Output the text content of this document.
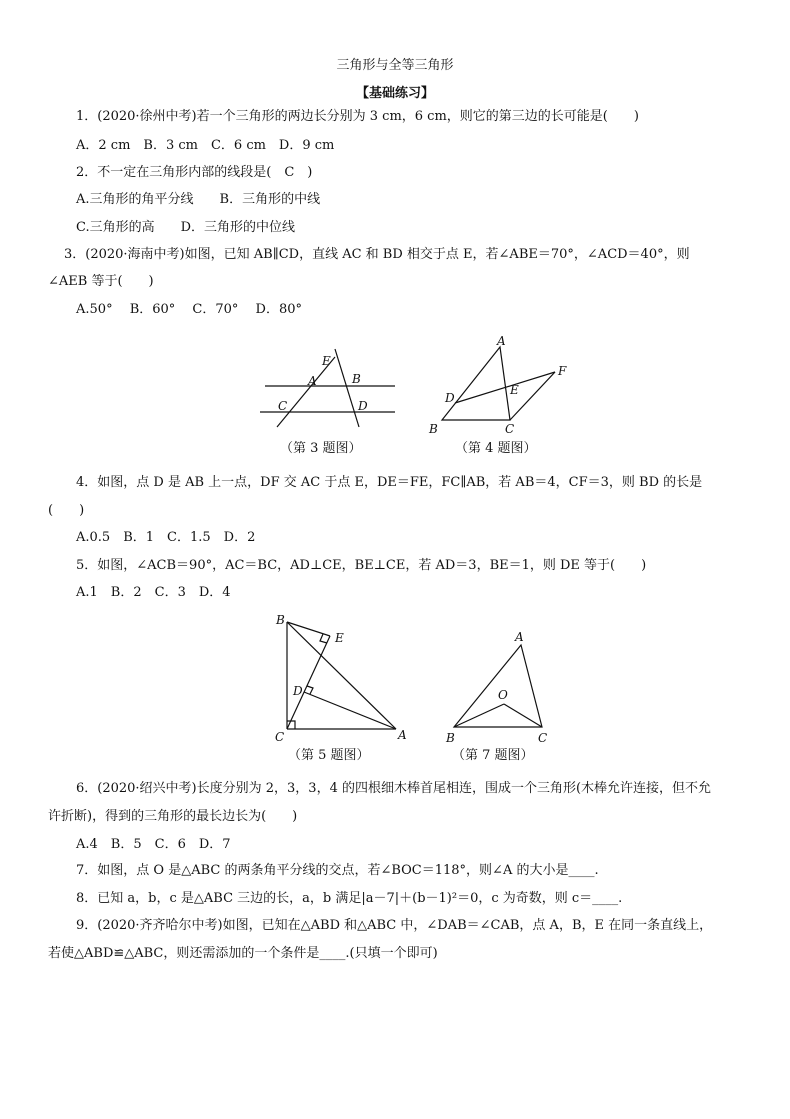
三角形与全等三角形
【基础练习】
1．(2020·徐州中考)若一个三角形的两边长分别为 3 cm，6 cm，则它的第三边的长可能是(　　)
A．2 cm　B．3 cm　C．6 cm　D．9 cm
2．不一定在三角形内部的线段是(　C　)
A.三角形的角平分线　　B．三角形的中线
C.三角形的高　　D．三角形的中位线
3．(2020·海南中考)如图，已知 AB∥CD，直线 AC 和 BD 相交于点 E，若∠ABE＝70°，∠ACD＝40°，则
∠AEB 等于(　　)
A.50°　 B．60°　 C．70°　 D．80°
E
A	B
C	D
（第 3 题图）
A
F
D
E
B	C
（第 4 题图）
4．如图，点 D 是 AB 上一点，DF 交 AC 于点 E，DE＝FE，FC∥AB，若 AB＝4，CF＝3，则 BD 的长是
(　　)
A.0.5　B．1　C．1.5　D．2
5．如图，∠ACB＝90°，AC＝BC，AD⊥CE，BE⊥CE，若 AD＝3，BE＝1，则 DE 等于(　　)
A.1　B．2　C．3　D．4
B
E
D
C	A
（第 5 题图）
A
O
B	C
（第 7 题图）
6．(2020·绍兴中考)长度分别为 2，3，3，4 的四根细木棒首尾相连，围成一个三角形(木棒允许连接，但不允
许折断)，得到的三角形的最长边长为(　　)
A.4　B．5　C．6　D．7
7．如图，点 O 是△ABC 的两条角平分线的交点，若∠BOC＝118°，则∠A 的大小是____.
8．已知 a，b，c 是△ABC 三边的长，a，b 满足|a－7|＋(b－1)²＝0，c 为奇数，则 c＝____.
9．(2020·齐齐哈尔中考)如图，已知在△ABD 和△ABC 中，∠DAB＝∠CAB，点 A，B，E 在同一条直线上，
若使△ABD≌△ABC，则还需添加的一个条件是____.(只填一个即可)
